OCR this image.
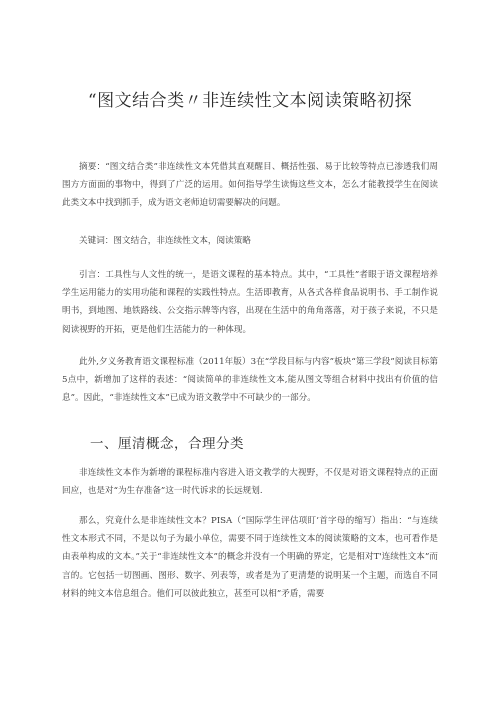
“图文结合类〃非连续性文本阅读策略初探

摘要：“图文结合类”非连续性文本凭借其直观醒目、概括性强、易于比较等特点已渗透我们周围方方面面的事物中，得到了广泛的运用。如何指导学生读悔这些文本，怎么才能教授学生在阅读此类文本中找到抓手，成为语文老师迫切需要解决的问题。

关键词：图文结合，非连续性文本，阅读策略

引言：工具性与人文性的统一，是语文课程的基本特点。其中，“工具性”者眼于语文课程培养学生运用能力的实用功能和课程的实践性特点。生活即教育，从各式各样食品说明书、手工制作说明书，到地图、地铁路线、公交指示牌等内容，出现在生活中的角角落落，对于孩子来说，不只是阅读视野的开拓，更是他们生活能力的一种体现。

此外,夕义务教育语文课程标准（2011年版）3在“学段目标与内容”板块“第三学段”阅读目标第5点中，新增加了这样的表述：“阅读简单的非连续性文本,能从图文等组合材料中找出有价值的信息”。因此，“非连续性文本”已成为语文教学中不可缺少的一部分。

一、厘清概念，合理分类

非连续性文本作为新增的课程标准内容进入语文教学的大视野，不仅是对语文课程特点的正面回应，也是对“为生存准备”这一时代诉求的长远规划.

那么，究竟什么是非连续性文本？PISA（“国际学生评估项盯’首字母的缩写）指出：“与连续性文本形式不同，不是以句子为最小单位，需要不同于连续性文本的阅读策略的文本，也可看作是由表单构成的文本。”关于“非连续性文本”的概念并没有一个明确的界定，它是相对T'连续性文本”而言的。它包括一切图画、图形、数字、列表等，或者是为了更清楚的说明某一个主题，而选自不同材料的纯文本信息组合。他们可以彼此独立，甚至可以相”矛盾，需要
